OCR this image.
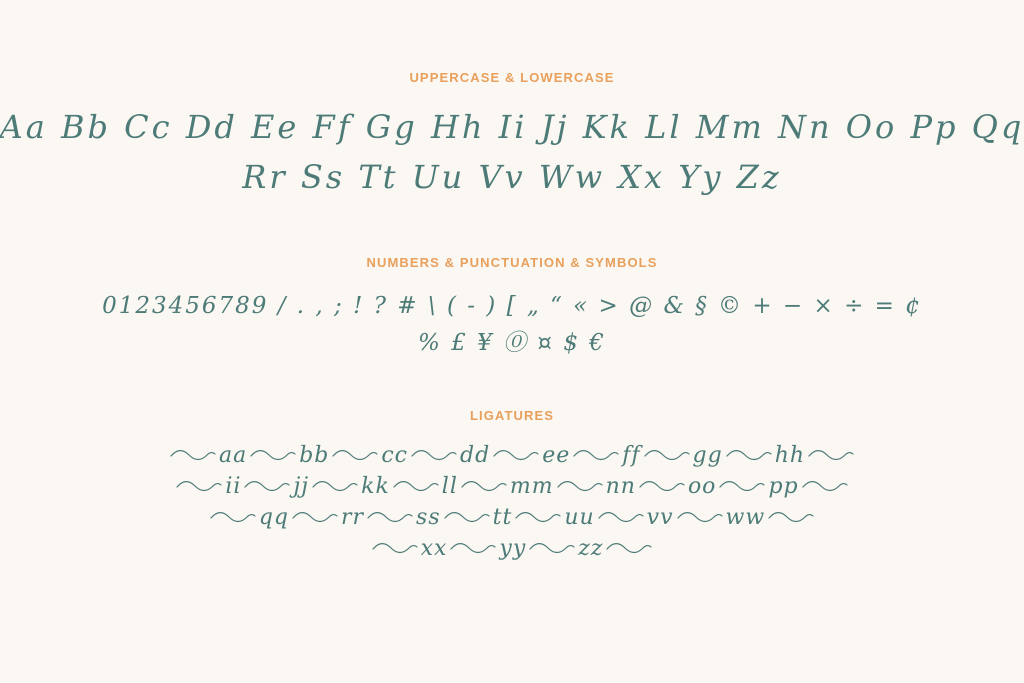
UPPERCASE & LOWERCASE
Aa Bb Cc Dd Ee Ff Gg Hh Ii Jj Kk Ll Mm Nn Oo Pp Qq
Rr Ss Tt Uu Vv Ww Xx Yy Zz
NUMBERS & PUNCTUATION & SYMBOLS
0123456789 / . , ; ! ? # \ ( - ) [ „ “ « > @ & § © + − × ÷ = ¢
% £ ¥ ⓪ ¤ $ €
LIGATURES
aa bb cc dd ee ff gg hh
ii jj kk ll mm nn oo pp
qq rr ss tt uu vv ww
xx yy zz
